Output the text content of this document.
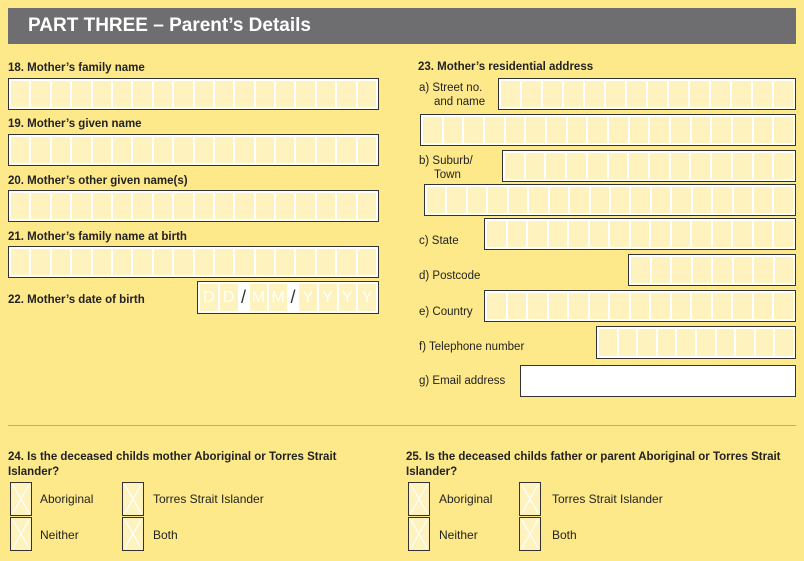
PART THREE – Parent’s Details
18. Mother’s family name
19. Mother’s given name
20. Mother’s other given name(s)
21. Mother’s family name at birth
22. Mother’s date of birth	D D / M M / Y Y Y Y
23. Mother’s residential address
a) Street no.
and name
b) Suburb/
Town
c) State
d) Postcode
e) Country
f) Telephone number
g) Email address
24. Is the deceased childs mother Aboriginal or Torres Strait
Islander?
Aboriginal	Torres Strait Islander
Neither	Both
25. Is the deceased childs father or parent Aboriginal or Torres Strait
Islander?
Aboriginal	Torres Strait Islander
Neither	Both
